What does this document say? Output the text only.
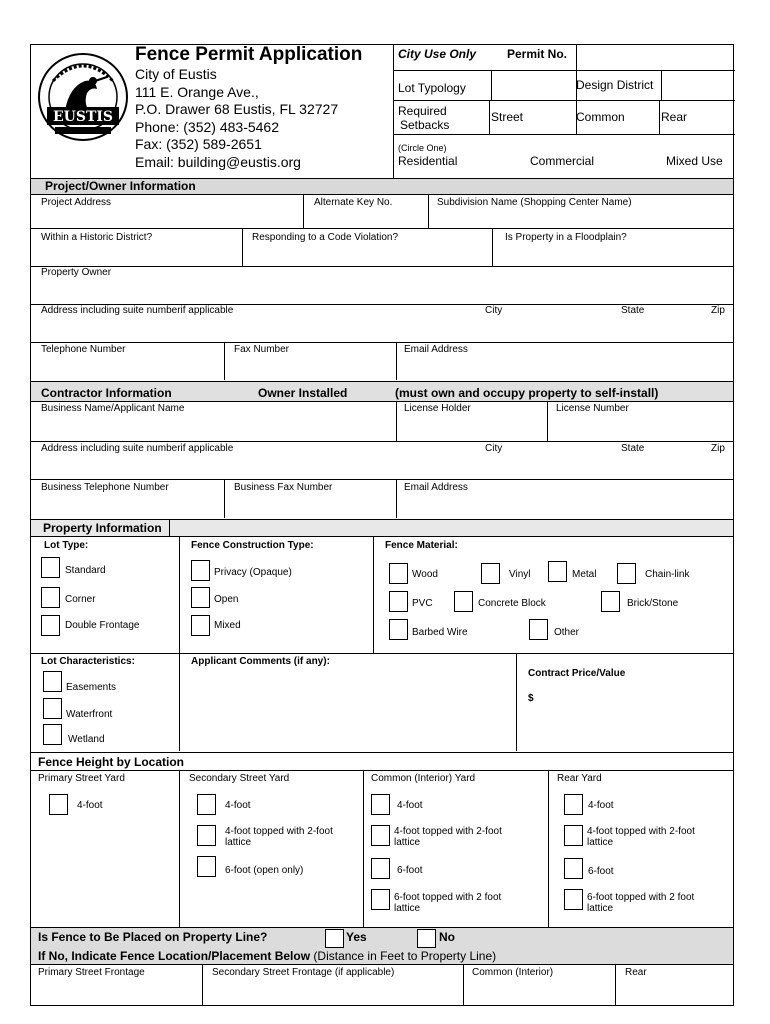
EUSTIS
Fence Permit Application
City of Eustis
111 E. Orange Ave.,
P.O. Drawer 68 Eustis, FL 32727
Phone: (352) 483-5462
Fax: (352) 589-2651
Email: building@eustis.org
City Use Only	Permit No.
Lot Typology	Design District
Required
Setbacks
Street	Common	Rear
(Circle One)
Residential	Commercial	Mixed Use
Project/Owner Information
Project Address	Alternate Key No.	Subdivision Name (Shopping Center Name)
Within a Historic District?	Responding to a Code Violation?	Is Property in a Floodplain?
Property Owner
Address including suite numberif applicable	City	State	Zip
Telephone Number	Fax Number	Email Address
Contractor Information	Owner Installed	(must own and occupy property to self-install)
Business Name/Applicant Name	License Holder	License Number
Address including suite numberif applicable	City	State	Zip
Business Telephone Number	Business Fax Number	Email Address
Property Information
Lot Type:
Standard
Corner
Double Frontage
Fence Construction Type:
Privacy (Opaque)
Open
Mixed
Fence Material:
Wood	Vinyl	Metal	Chain-link
PVC	Concrete Block	Brick/Stone
Barbed Wire	Other
Lot Characteristics:
Easements
Waterfront
Wetland
Applicant Comments (if any):
Contract Price/Value
$
Fence Height by Location
Primary Street Yard
4-foot
Secondary Street Yard
4-foot
4-foot topped with 2-foot
lattice
6-foot (open only)
Common (Interior) Yard
4-foot
4-foot topped with 2-foot
lattice
6-foot
6-foot topped with 2 foot
lattice
Rear Yard
4-foot
4-foot topped with 2-foot
lattice
6-foot
6-foot topped with 2 foot
lattice
Is Fence to Be Placed on Property Line?	Yes	No
If No, Indicate Fence Location/Placement Below (Distance in Feet to Property Line)
Primary Street Frontage	Secondary Street Frontage (if applicable)	Common (Interior)	Rear
